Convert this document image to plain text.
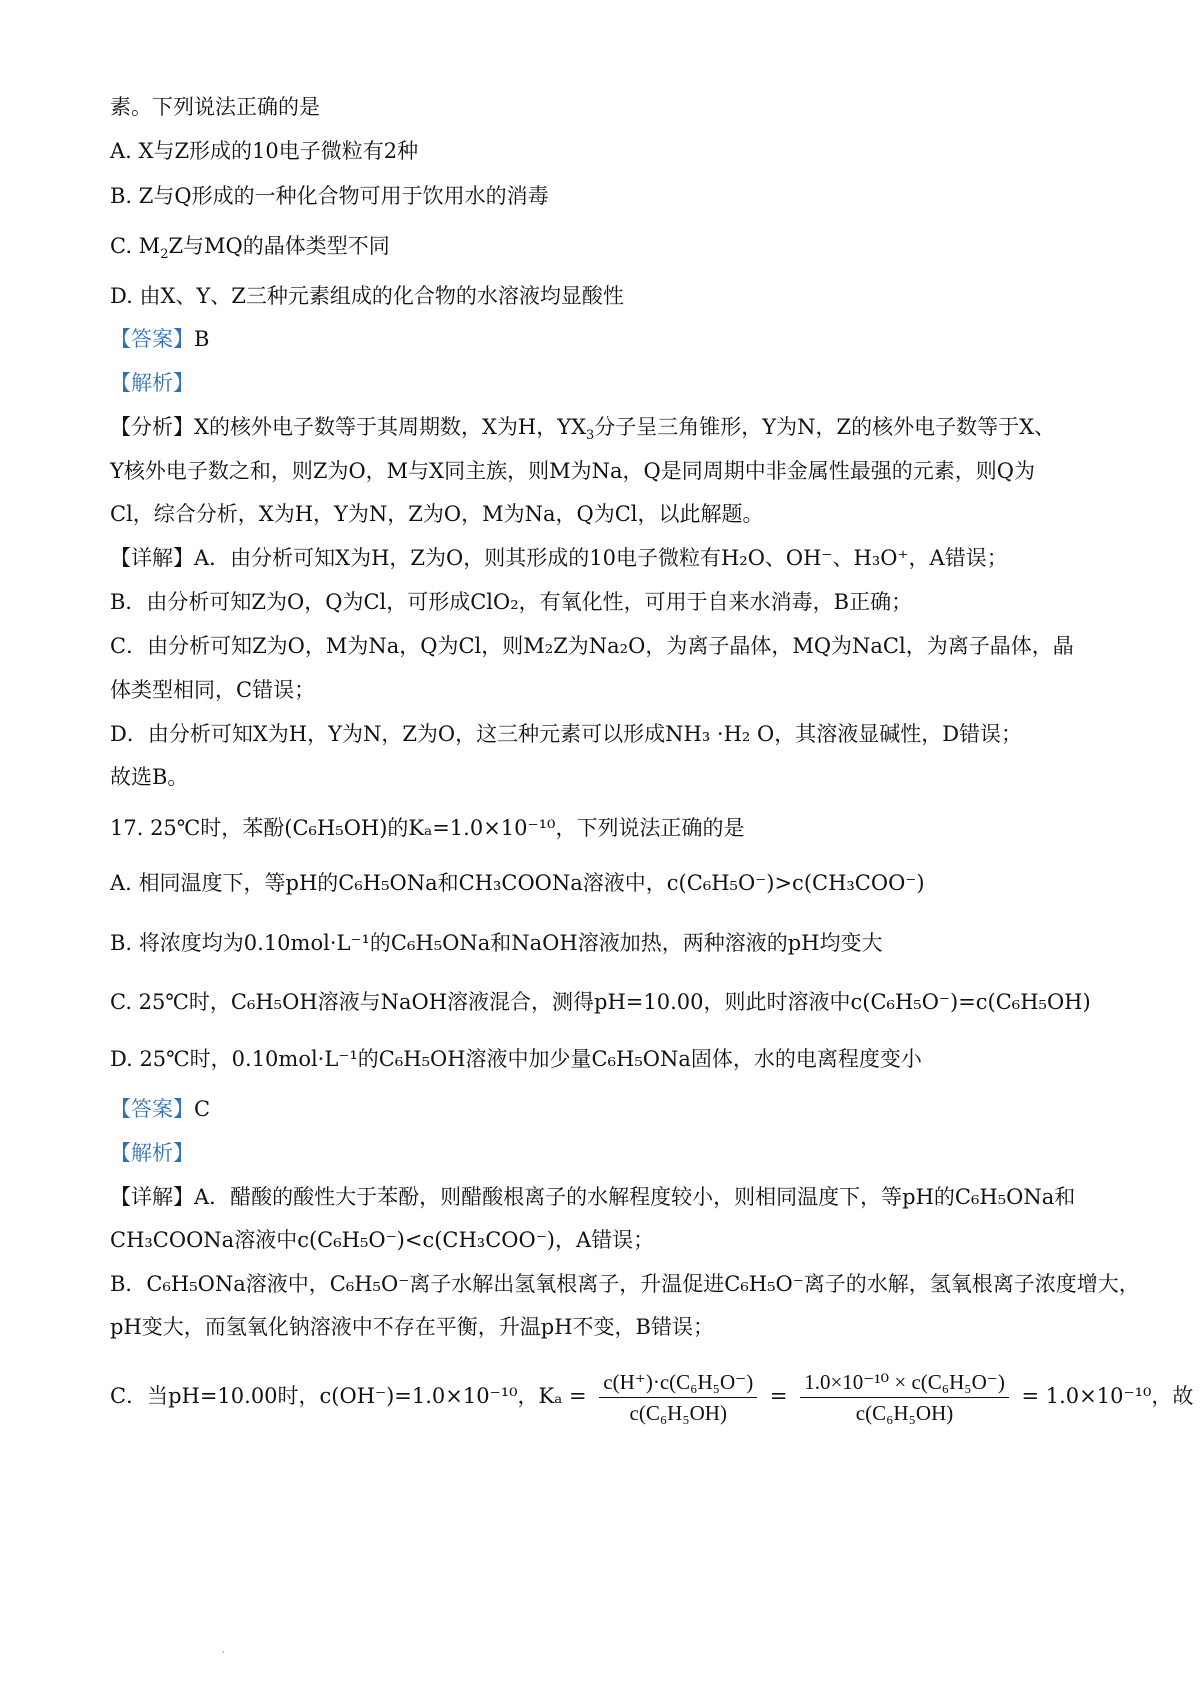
素。下列说法正确的是
A. X与Z形成的10电子微粒有2种
B. Z与Q形成的一种化合物可用于饮用水的消毒
C. $M_2Z$与MQ的晶体类型不同
D. 由X、Y、Z三种元素组成的化合物的水溶液均显酸性
【答案】B
【解析】
【分析】X的核外电子数等于其周期数，X为H，$YX_3$分子呈三角锥形，Y为N，Z的核外电子数等于X、
Y核外电子数之和，则Z为O，M与X同主族，则M为Na，Q是同周期中非金属性最强的元素，则Q为
Cl，综合分析，X为H，Y为N，Z为O，M为Na，Q为Cl，以此解题。
【详解】A．由分析可知X为H，Z为O，则其形成的10电子微粒有H₂O、OH⁻、H₃O⁺，A错误；
B．由分析可知Z为O，Q为Cl，可形成ClO₂，有氧化性，可用于自来水消毒，B正确；
C．由分析可知Z为O，M为Na，Q为Cl，则M₂Z为Na₂O，为离子晶体，MQ为NaCl，为离子晶体，晶
体类型相同，C错误；
D．由分析可知X为H，Y为N，Z为O，这三种元素可以形成NH₃ ·H₂ O，其溶液显碱性，D错误；
故选B。
17. 25℃时，苯酚(C₆H₅OH)的Kₐ=1.0×10⁻¹⁰，下列说法正确的是
A. 相同温度下，等pH的C₆H₅ONa和CH₃COONa溶液中，c(C₆H₅O⁻)>c(CH₃COO⁻)
B. 将浓度均为0.10mol·L⁻¹的C₆H₅ONa和NaOH溶液加热，两种溶液的pH均变大
C. 25℃时，C₆H₅OH溶液与NaOH溶液混合，测得pH=10.00，则此时溶液中c(C₆H₅O⁻)=c(C₆H₅OH)
D. 25℃时，0.10mol·L⁻¹的C₆H₅OH溶液中加少量C₆H₅ONa固体，水的电离程度变小
【答案】C
【解析】
【详解】A．醋酸的酸性大于苯酚，则醋酸根离子的水解程度较小，则相同温度下，等pH的C₆H₅ONa和
CH₃COONa溶液中c(C₆H₅O⁻)<c(CH₃COO⁻)，A错误；
B．C₆H₅ONa溶液中，C₆H₅O⁻离子水解出氢氧根离子，升温促进C₆H₅O⁻离子的水解，氢氧根离子浓度增大，
pH变大，而氢氧化钠溶液中不存在平衡，升温pH不变，B错误；
C．当pH=10.00时，c(OH⁻)=1.0×10⁻¹⁰，$K_a = \frac{\text{c(H⁺)·c(C₆H₅O⁻)}}{\text{c(C₆H₅OH)}} = \frac{\text{1.0×10⁻¹⁰ × c(C₆H₅O⁻)}}{\text{c(C₆H₅OH)}} = 1.0\times 10^{-10}$，故
